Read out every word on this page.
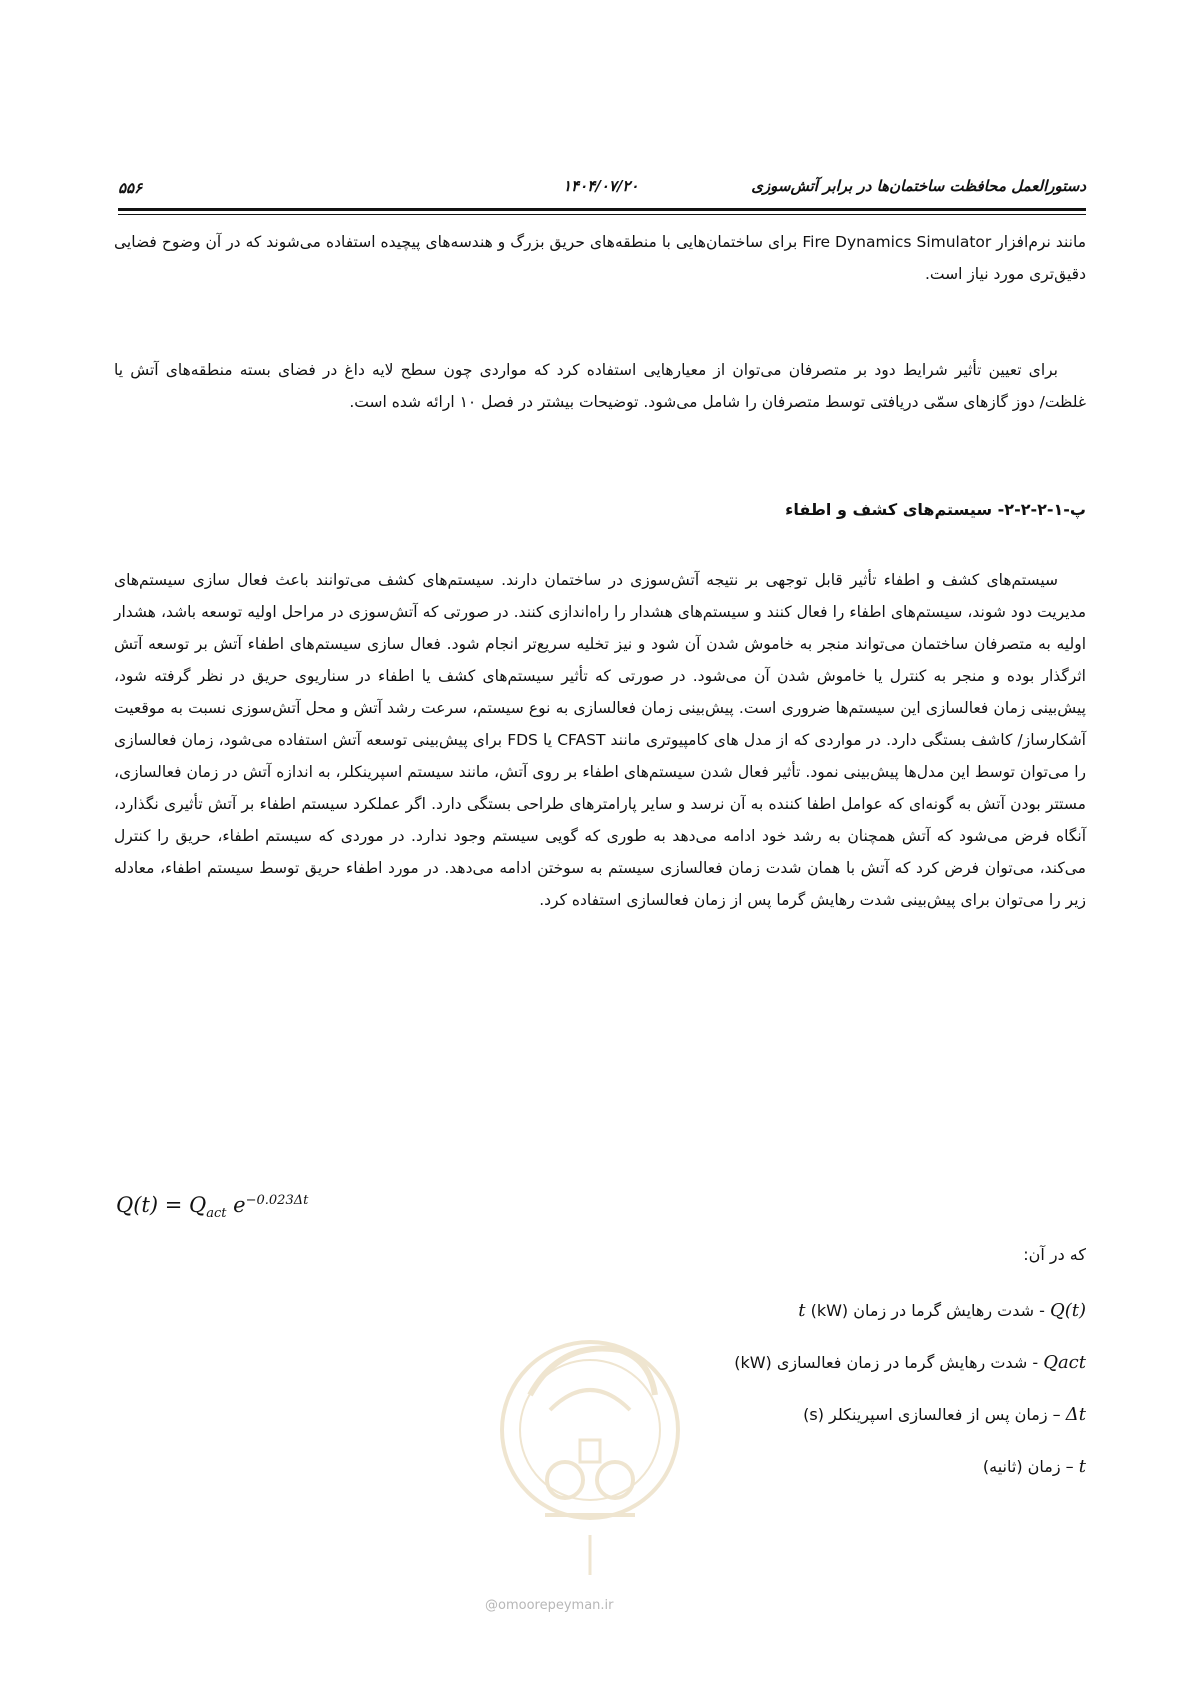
دستورالعمل محافظت ساختمان‌ها در برابر آتش‌سوزی
۱۴۰۴/۰۷/۲۰
۵۵۶

مانند نرم‌افزار Fire Dynamics Simulator برای ساختمان‌هایی با منطقه‌های حریق بزرگ و هندسه‌های پیچیده استفاده می‌شوند که در آن وضوح فضایی دقیق‌تری مورد نیاز است.

برای تعیین تأثیر شرایط دود بر متصرفان می‌توان از معیارهایی استفاده کرد که مواردی چون سطح لایه داغ در فضای بسته منطقه‌های آتش یا غلظت/ دوز گازهای سمّی دریافتی توسط متصرفان را شامل می‌شود. توضیحات بیشتر در فصل ۱۰ ارائه شده است.

پ-۱-۲-۲-۲- سیستم‌های کشف و اطفاء

سیستم‌های کشف و اطفاء تأثیر قابل توجهی بر نتیجه آتش‌سوزی در ساختمان دارند. سیستم‌های کشف می‌توانند باعث فعال سازی سیستم‌های مدیریت دود شوند، سیستم‌های اطفاء را فعال کنند و سیستم‌های هشدار را راه‌اندازی کنند. در صورتی که آتش‌سوزی در مراحل اولیه توسعه باشد، هشدار اولیه به متصرفان ساختمان می‌تواند منجر به خاموش شدن آن شود و نیز تخلیه سریع‌تر انجام شود. فعال سازی سیستم‌های اطفاء آتش بر توسعه آتش اثرگذار بوده و منجر به کنترل یا خاموش شدن آن می‌شود. در صورتی که تأثیر سیستم‌های کشف یا اطفاء در سناریوی حریق در نظر گرفته شود، پیش‌بینی زمان فعالسازی این سیستم‌ها ضروری است. پیش‌بینی زمان فعالسازی به نوع سیستم، سرعت رشد آتش و محل آتش‌سوزی نسبت به موقعیت آشکارساز/ کاشف بستگی دارد. در مواردی که از مدل های کامپیوتری مانند CFAST یا FDS برای پیش‌بینی توسعه آتش استفاده می‌شود، زمان فعالسازی را می‌توان توسط این مدل‌ها پیش‌بینی نمود. تأثیر فعال شدن سیستم‌های اطفاء بر روی آتش، مانند سیستم اسپرینکلر، به اندازه آتش در زمان فعالسازی، مستتر بودن آتش به گونه‌ای که عوامل اطفا کننده به آن نرسد و سایر پارامترهای طراحی بستگی دارد. اگر عملکرد سیستم اطفاء بر آتش تأثیری نگذارد، آنگاه فرض می‌شود که آتش همچنان به رشد خود ادامه می‌دهد به طوری که گویی سیستم وجود ندارد. در موردی که سیستم اطفاء، حریق را کنترل می‌کند، می‌توان فرض کرد که آتش با همان شدت زمان فعالسازی سیستم به سوختن ادامه می‌دهد. در مورد اطفاء حریق توسط سیستم اطفاء، معادله زیر را می‌توان برای پیش‌بینی شدت رهایش گرما پس از زمان فعالسازی استفاده کرد.

$Q(t) = Q_{act}$ $e^{-0.023\Delta t}$
که در آن:
Q(t) - شدت رهایش گرما در زمان t (kW)
Qact - شدت رهایش گرما در زمان فعالسازی (kW)
Δt – زمان پس از فعالسازی اسپرینکلر (s)
t – زمان (ثانیه)
@omoorepeyman.ir
